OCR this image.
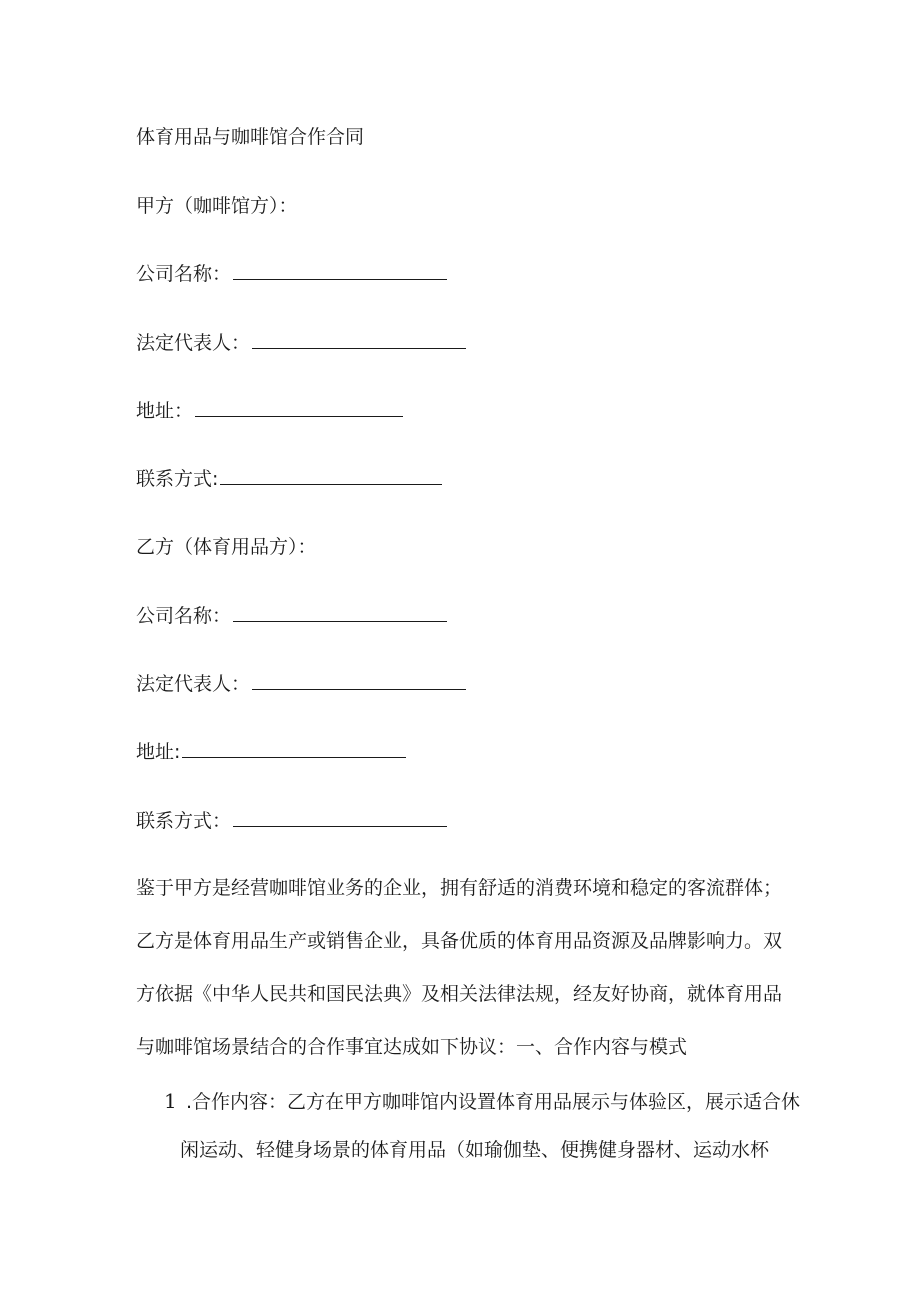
体育用品与咖啡馆合作合同
甲方（咖啡馆方）：
公司名称：
法定代表人：
地址：
联系方式:
乙方（体育用品方）：
公司名称：
法定代表人：
地址:
联系方式：
鉴于甲方是经营咖啡馆业务的企业，拥有舒适的消费环境和稳定的客流群体；
乙方是体育用品生产或销售企业，具备优质的体育用品资源及品牌影响力。双
方依据《中华人民共和国民法典》及相关法律法规，经友好协商，就体育用品
与咖啡馆场景结合的合作事宜达成如下协议：一、合作内容与模式
1 .合作内容：乙方在甲方咖啡馆内设置体育用品展示与体验区，展示适合休
闲运动、轻健身场景的体育用品（如瑜伽垫、便携健身器材、运动水杯
